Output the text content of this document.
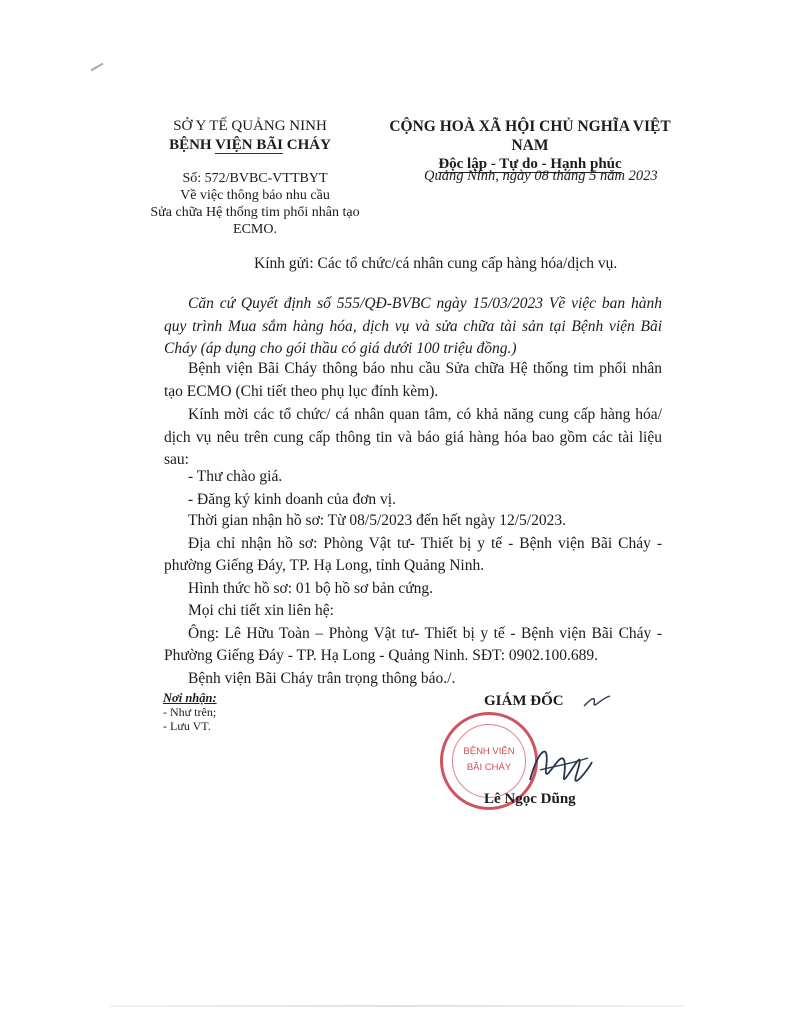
SỞ Y TẾ QUẢNG NINH
BỆNH VIỆN BÃI CHÁY
CỘNG HOÀ XÃ HỘI CHỦ NGHĨA VIỆT NAM
Độc lập - Tự do - Hạnh phúc
Số: 572/BVBC-VTTBYT
Về việc thông báo nhu cầu
Sửa chữa Hệ thống tim phổi nhân tạo
ECMO.
Quảng Ninh, ngày 08 tháng 5 năm 2023
Kính gửi: Các tổ chức/cá nhân cung cấp hàng hóa/dịch vụ.
Căn cứ Quyết định số 555/QĐ-BVBC ngày 15/03/2023 Về việc ban hành quy trình Mua sắm hàng hóa, dịch vụ và sửa chữa tài sản tại Bệnh viện Bãi Cháy (áp dụng cho gói thầu có giá dưới 100 triệu đồng.)
Bệnh viện Bãi Cháy thông báo nhu cầu Sửa chữa Hệ thống tim phổi nhân tạo ECMO (Chi tiết theo phụ lục đính kèm).
Kính mời các tổ chức/ cá nhân quan tâm, có khả năng cung cấp hàng hóa/ dịch vụ nêu trên cung cấp thông tin và báo giá hàng hóa bao gồm các tài liệu sau:
- Thư chào giá.
- Đăng ký kinh doanh của đơn vị.
Thời gian nhận hồ sơ: Từ 08/5/2023 đến hết ngày 12/5/2023.
Địa chỉ nhận hồ sơ: Phòng Vật tư- Thiết bị y tế - Bệnh viện Bãi Cháy - phường Giếng Đáy, TP. Hạ Long, tỉnh Quảng Ninh.
Hình thức hồ sơ: 01 bộ hồ sơ bản cứng.
Mọi chi tiết xin liên hệ:
Ông: Lê Hữu Toàn – Phòng Vật tư- Thiết bị y tế - Bệnh viện Bãi Cháy - Phường Giếng Đáy - TP. Hạ Long - Quảng Ninh. SĐT: 0902.100.689.
Bệnh viện Bãi Cháy trân trọng thông báo./.
Nơi nhận:
- Như trên;
- Lưu VT.
BỆNH VIỆN
BÃI CHÁY
GIÁM ĐỐC
Lê Ngọc Dũng
